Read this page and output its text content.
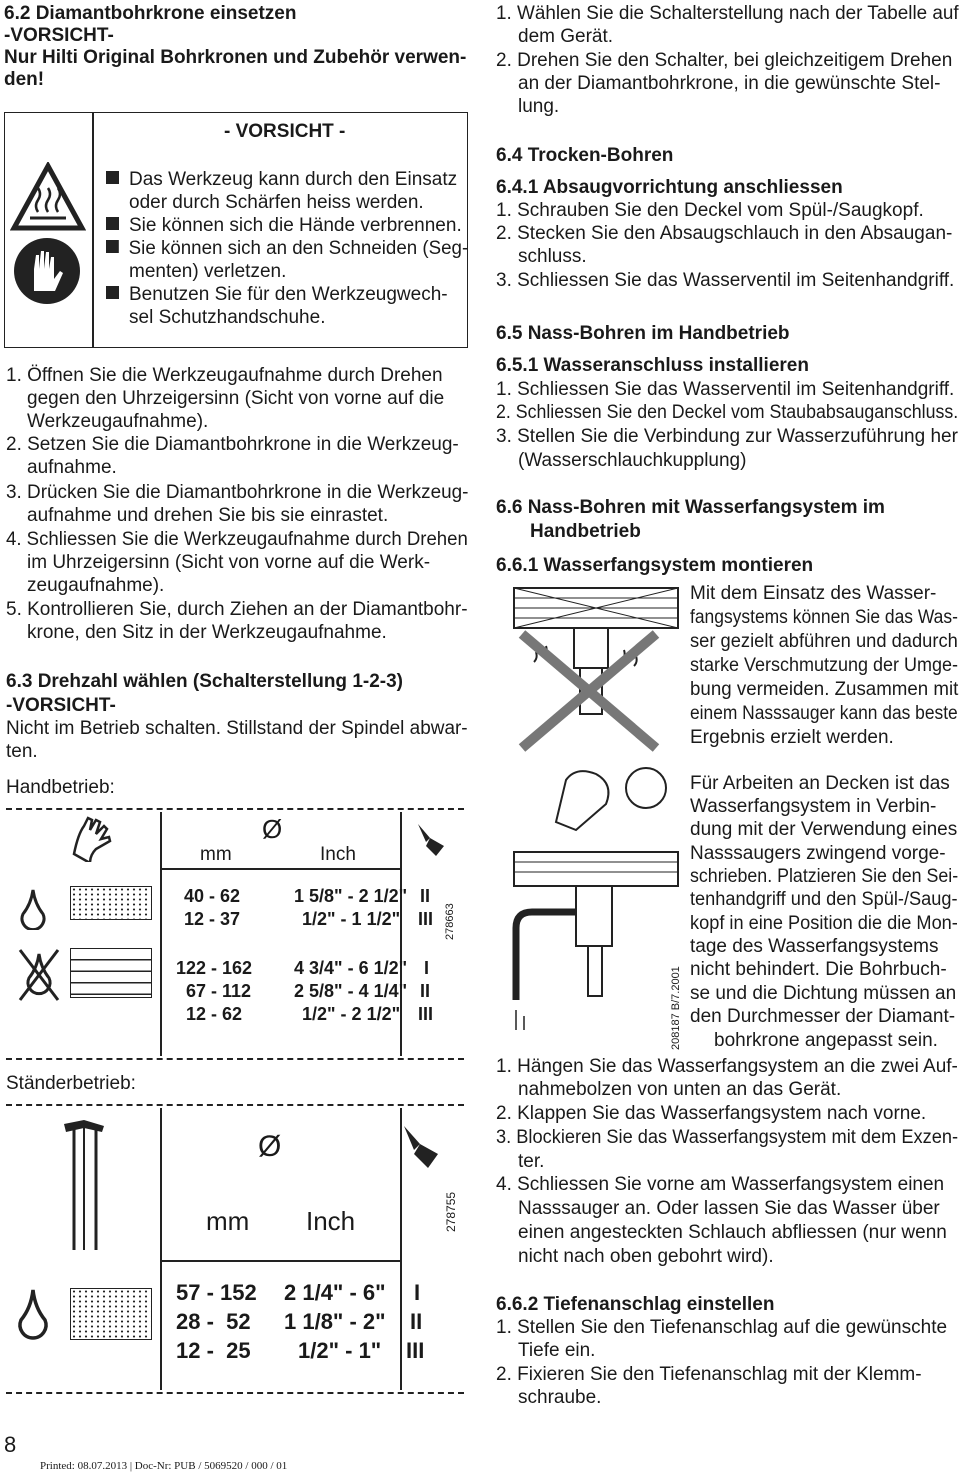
6.2 Diamantbohrkrone einsetzen
-VORSICHT-
Nur Hilti Original Bohrkronen und Zubehör verwen-
den!
- VORSICHT -
Das Werkzeug kann durch den Einsatz
oder durch Schärfen heiss werden.
Sie können sich die Hände verbrennen.
Sie können sich an den Schneiden (Seg-
menten) verletzen.
Benutzen Sie für den Werkzeugwech-
sel Schutzhandschuhe.
1. Öffnen Sie die Werkzeugaufnahme durch Drehen
gegen den Uhrzeigersinn (Sicht von vorne auf die
Werkzeugaufnahme).
2. Setzen Sie die Diamantbohrkrone in die Werkzeug-
aufnahme.
3. Drücken Sie die Diamantbohrkrone in die Werkzeug-
aufnahme und drehen Sie bis sie einrastet.
4. Schliessen Sie die Werkzeugaufnahme durch Drehen
im Uhrzeigersinn (Sicht von vorne auf die Werk-
zeugaufnahme).
5. Kontrollieren Sie, durch Ziehen an der Diamantbohr-
krone, den Sitz in der Werkzeugaufnahme.
6.3 Drehzahl wählen (Schalterstellung 1-2-3)
-VORSICHT-
Nicht im Betrieb schalten. Stillstand der Spindel abwar-
ten.
Handbetrieb:
Ø
mm	Inch
40 - 62
12 - 37
1 5/8" - 2 1/2"
1/2" - 1 1/2"
II
III 278663
122 - 162
67 - 112
12 - 62
4 3/4" - 6 1/2"
2 5/8" - 4 1/4"
1/2" - 2 1/2"
I
II
III
Ständerbetrieb:
Ø
mm Inch	278755
57 - 152
28 -  52
12 -  25
2 1/4" - 6"
1 1/8" - 2"
1/2" - 1"
I
II
III
8
Printed: 08.07.2013 | Doc-Nr: PUB / 5069520 / 000 / 01
1. Wählen Sie die Schalterstellung nach der Tabelle auf
dem Gerät.
2. Drehen Sie den Schalter, bei gleichzeitigem Drehen
an der Diamantbohrkrone, in die gewünschte Stel-
lung.
6.4 Trocken-Bohren
6.4.1 Absaugvorrichtung anschliessen
1. Schrauben Sie den Deckel vom Spül-/Saugkopf.
2. Stecken Sie den Absaugschlauch in den Absaugan-
schluss.
3. Schliessen Sie das Wasserventil im Seitenhandgriff.
6.5 Nass-Bohren im Handbetrieb
6.5.1 Wasseranschluss installieren
1. Schliessen Sie das Wasserventil im Seitenhandgriff.
2. Schliessen Sie den Deckel vom Staubabsauganschluss.
3. Stellen Sie die Verbindung zur Wasserzuführung her
(Wasserschlauchkupplung)
6.6 Nass-Bohren mit Wasserfangsystem im
Handbetrieb
6.6.1 Wasserfangsystem montieren
208187 B/7.2001
Mit dem Einsatz des Wasser-
fangsystems können Sie das Was-
ser gezielt abführen und dadurch
starke Verschmutzung der Umge-
bung vermeiden. Zusammen mit
einem Nasssauger kann das beste
Ergebnis erzielt werden.
Für Arbeiten an Decken ist das
Wasserfangsystem in Verbin-
dung mit der Verwendung eines
Nasssaugers zwingend vorge-
schrieben. Platzieren Sie den Sei-
tenhandgriff und den Spül-/Saug-
kopf in eine Position die die Mon-
tage des Wasserfangsystems
nicht behindert. Die Bohrbuch-
se und die Dichtung müssen an
den Durchmesser der Diamant-
bohrkrone angepasst sein.
1. Hängen Sie das Wasserfangsystem an die zwei Auf-
nahmebolzen von unten an das Gerät.
2. Klappen Sie das Wasserfangsystem nach vorne.
3. Blockieren Sie das Wasserfangsystem mit dem Exzen-
ter.
4. Schliessen Sie vorne am Wasserfangsystem einen
Nasssauger an. Oder lassen Sie das Wasser über
einen angesteckten Schlauch abfliessen (nur wenn
nicht nach oben gebohrt wird).
6.6.2 Tiefenanschlag einstellen
1. Stellen Sie den Tiefenanschlag auf die gewünschte
Tiefe ein.
2. Fixieren Sie den Tiefenanschlag mit der Klemm-
schraube.
